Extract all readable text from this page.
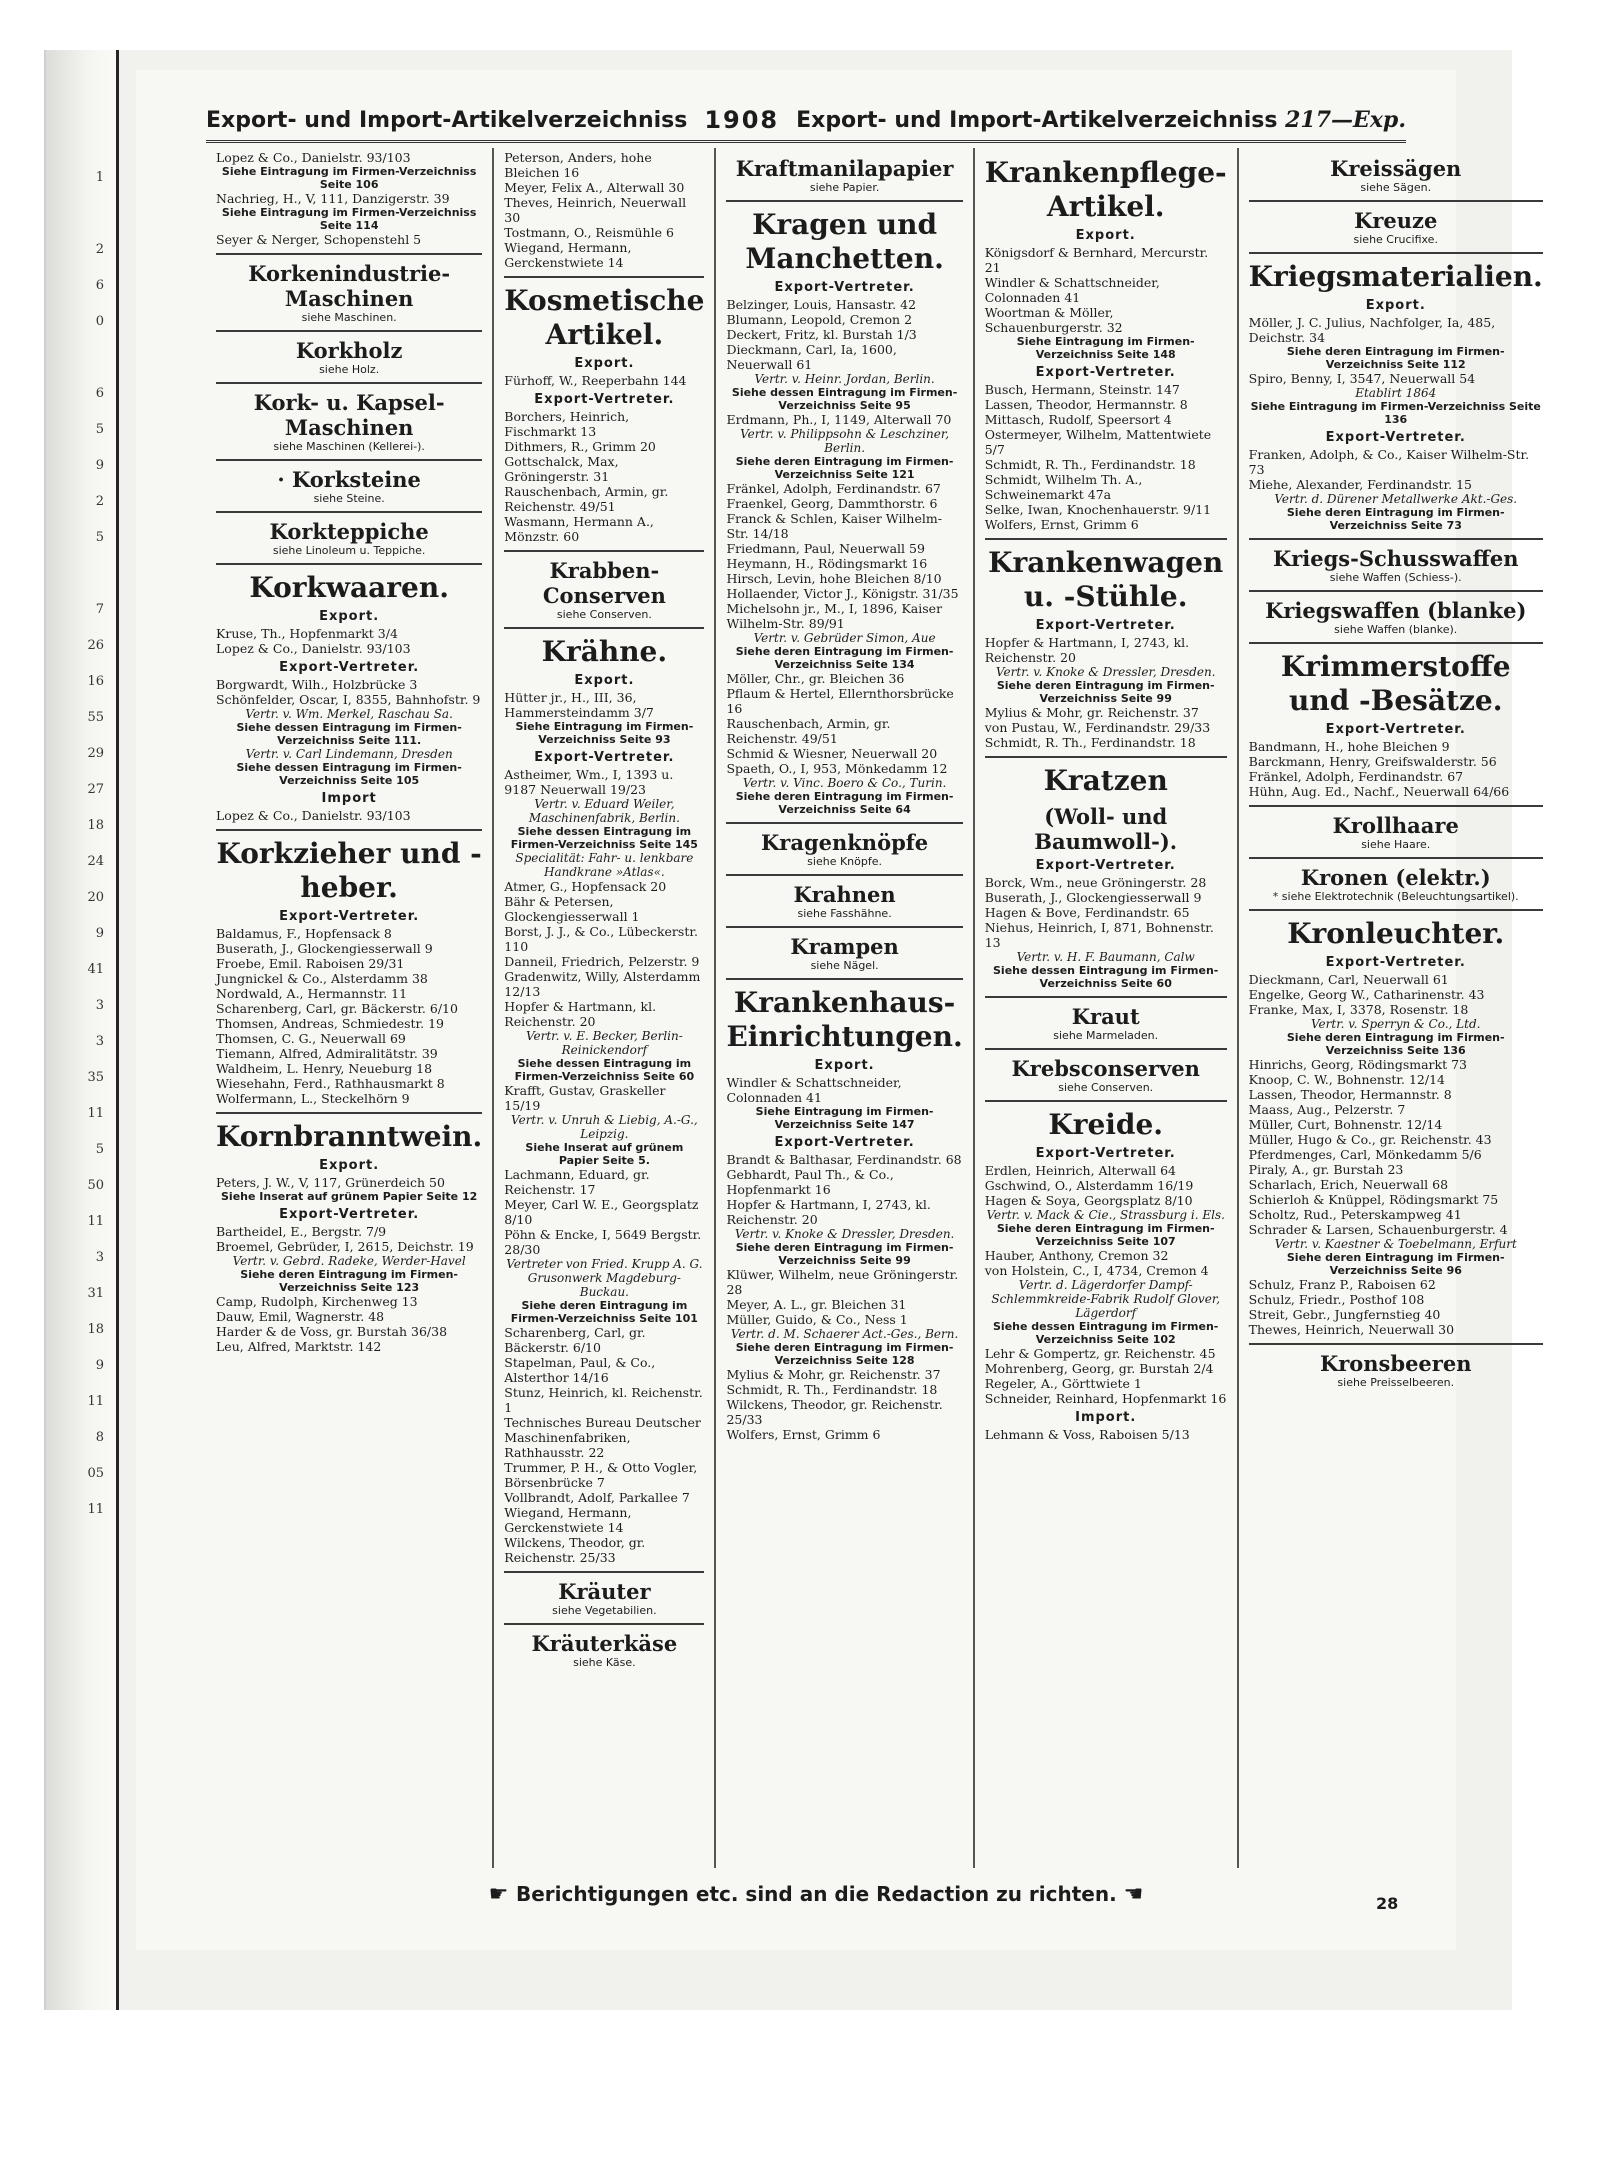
1
2
6
0
6
5
9
2
5
7
26
16
55
29
27
18
24
20
9
41
3
3
35
11
5
50
11
3
31
18
9
11
8
05
11
Export- und Import-Artikelverzeichniss 1908 Export- und Import-Artikelverzeichniss 217—Exp.
Lopez & Co., Danielstr. 93/103
Siehe Eintragung im Firmen-Verzeichniss Seite 106
Nachrieg, H., V, 111, Danzigerstr. 39
Siehe Eintragung im Firmen-Verzeichniss Seite 114
Seyer & Nerger, Schopenstehl 5
Korkenindustrie-Maschinen
siehe Maschinen.
Korkholz
siehe Holz.
Kork- u. Kapsel-Maschinen
siehe Maschinen (Kellerei-).
· Korksteine
siehe Steine.
Korkteppiche
siehe Linoleum u. Teppiche.
Korkwaaren.
Export.
Kruse, Th., Hopfenmarkt 3/4
Lopez & Co., Danielstr. 93/103
Export-Vertreter.
Borgwardt, Wilh., Holzbrücke 3
Schönfelder, Oscar, I, 8355, Bahnhofstr. 9
Vertr. v. Wm. Merkel, Raschau Sa.
Siehe dessen Eintragung im Firmen-Verzeichniss Seite 111.
Vertr. v. Carl Lindemann, Dresden
Siehe dessen Eintragung im Firmen-Verzeichniss Seite 105
Import
Lopez & Co., Danielstr. 93/103
Korkzieher und -heber.
Export-Vertreter.
Baldamus, F., Hopfensack 8
Buserath, J., Glockengiesserwall 9
Froebe, Emil. Raboisen 29/31
Jungnickel & Co., Alsterdamm 38
Nordwald, A., Hermannstr. 11
Scharenberg, Carl, gr. Bäckerstr. 6/10
Thomsen, Andreas, Schmiedestr. 19
Thomsen, C. G., Neuerwall 69
Tiemann, Alfred, Admiralitätstr. 39
Waldheim, L. Henry, Neueburg 18
Wiesehahn, Ferd., Rathhausmarkt 8
Wolfermann, L., Steckelhörn 9
Kornbranntwein.
Export.
Peters, J. W., V, 117, Grünerdeich 50
Siehe Inserat auf grünem Papier Seite 12
Export-Vertreter.
Bartheidel, E., Bergstr. 7/9
Broemel, Gebrüder, I, 2615, Deichstr. 19
Vertr. v. Gebrd. Radeke, Werder-Havel
Siehe deren Eintragung im Firmen-Verzeichniss Seite 123
Camp, Rudolph, Kirchenweg 13
Dauw, Emil, Wagnerstr. 48
Harder & de Voss, gr. Burstah 36/38
Leu, Alfred, Marktstr. 142
Peterson, Anders, hohe Bleichen 16
Meyer, Felix A., Alterwall 30
Theves, Heinrich, Neuerwall 30
Tostmann, O., Reismühle 6
Wiegand, Hermann, Gerckenstwiete 14
Kosmetische Artikel.
Export.
Fürhoff, W., Reeperbahn 144
Export-Vertreter.
Borchers, Heinrich, Fischmarkt 13
Dithmers, R., Grimm 20
Gottschalck, Max, Gröningerstr. 31
Rauschenbach, Armin, gr. Reichenstr. 49/51
Wasmann, Hermann A., Mönzstr. 60
Krabben-Conserven
siehe Conserven.
Krähne.
Export.
Hütter jr., H., III, 36, Hammersteindamm 3/7
Siehe Eintragung im Firmen-Verzeichniss Seite 93
Export-Vertreter.
Astheimer, Wm., I, 1393 u. 9187 Neuerwall 19/23
Vertr. v. Eduard Weiler, Maschinenfabrik, Berlin.
Siehe dessen Eintragung im Firmen-Verzeichniss Seite 145
Specialität: Fahr- u. lenkbare Handkrane »Atlas«.
Atmer, G., Hopfensack 20
Bähr & Petersen, Glockengiesserwall 1
Borst, J. J., & Co., Lübeckerstr. 110
Danneil, Friedrich, Pelzerstr. 9
Gradenwitz, Willy, Alsterdamm 12/13
Hopfer & Hartmann, kl. Reichenstr. 20
Vertr. v. E. Becker, Berlin-Reinickendorf
Siehe dessen Eintragung im Firmen-Verzeichniss Seite 60
Krafft, Gustav, Graskeller 15/19
Vertr. v. Unruh & Liebig, A.-G., Leipzig.
Siehe Inserat auf grünem Papier Seite 5.
Lachmann, Eduard, gr. Reichenstr. 17
Meyer, Carl W. E., Georgsplatz 8/10
Pöhn & Encke, I, 5649 Bergstr. 28/30
Vertreter von Fried. Krupp A. G. Grusonwerk Magdeburg-Buckau.
Siehe deren Eintragung im Firmen-Verzeichniss Seite 101
Scharenberg, Carl, gr. Bäckerstr. 6/10
Stapelman, Paul, & Co., Alsterthor 14/16
Stunz, Heinrich, kl. Reichenstr. 1
Technisches Bureau Deutscher Maschinenfabriken, Rathhausstr. 22
Trummer, P. H., & Otto Vogler, Börsenbrücke 7
Vollbrandt, Adolf, Parkallee 7
Wiegand, Hermann, Gerckenstwiete 14
Wilckens, Theodor, gr. Reichenstr. 25/33
Kräuter
siehe Vegetabilien.
Kräuterkäse
siehe Käse.
Kraftmanilapapier
siehe Papier.
Kragen und Manchetten.
Export-Vertreter.
Belzinger, Louis, Hansastr. 42
Blumann, Leopold, Cremon 2
Deckert, Fritz, kl. Burstah 1/3
Dieckmann, Carl, Ia, 1600, Neuerwall 61
Vertr. v. Heinr. Jordan, Berlin.
Siehe dessen Eintragung im Firmen-Verzeichniss Seite 95
Erdmann, Ph., I, 1149, Alterwall 70
Vertr. v. Philippsohn & Leschziner, Berlin.
Siehe deren Eintragung im Firmen-Verzeichniss Seite 121
Fränkel, Adolph, Ferdinandstr. 67
Fraenkel, Georg, Dammthorstr. 6
Franck & Schlen, Kaiser Wilhelm-Str. 14/18
Friedmann, Paul, Neuerwall 59
Heymann, H., Rödingsmarkt 16
Hirsch, Levin, hohe Bleichen 8/10
Hollaender, Victor J., Königstr. 31/35
Michelsohn jr., M., I, 1896, Kaiser Wilhelm-Str. 89/91
Vertr. v. Gebrüder Simon, Aue
Siehe deren Eintragung im Firmen-Verzeichniss Seite 134
Möller, Chr., gr. Bleichen 36
Pflaum & Hertel, Ellernthorsbrücke 16
Rauschenbach, Armin, gr. Reichenstr. 49/51
Schmid & Wiesner, Neuerwall 20
Spaeth, O., I, 953, Mönkedamm 12
Vertr. v. Vinc. Boero & Co., Turin.
Siehe deren Eintragung im Firmen-Verzeichniss Seite 64
Kragenknöpfe
siehe Knöpfe.
Krahnen
siehe Fasshähne.
Krampen
siehe Nägel.
Krankenhaus-Einrichtungen.
Export.
Windler & Schattschneider, Colonnaden 41
Siehe Eintragung im Firmen-Verzeichniss Seite 147
Export-Vertreter.
Brandt & Balthasar, Ferdinandstr. 68
Gebhardt, Paul Th., & Co., Hopfenmarkt 16
Hopfer & Hartmann, I, 2743, kl. Reichenstr. 20
Vertr. v. Knoke & Dressler, Dresden.
Siehe deren Eintragung im Firmen-Verzeichniss Seite 99
Klüwer, Wilhelm, neue Gröningerstr. 28
Meyer, A. L., gr. Bleichen 31
Müller, Guido, & Co., Ness 1
Vertr. d. M. Schaerer Act.-Ges., Bern.
Siehe deren Eintragung im Firmen-Verzeichniss Seite 128
Mylius & Mohr, gr. Reichenstr. 37
Schmidt, R. Th., Ferdinandstr. 18
Wilckens, Theodor, gr. Reichenstr. 25/33
Wolfers, Ernst, Grimm 6
Krankenpflege-Artikel.
Export.
Königsdorf & Bernhard, Mercurstr. 21
Windler & Schattschneider, Colonnaden 41
Woortman & Möller, Schauenburgerstr. 32
Siehe Eintragung im Firmen-Verzeichniss Seite 148
Export-Vertreter.
Busch, Hermann, Steinstr. 147
Lassen, Theodor, Hermannstr. 8
Mittasch, Rudolf, Speersort 4
Ostermeyer, Wilhelm, Mattentwiete 5/7
Schmidt, R. Th., Ferdinandstr. 18
Schmidt, Wilhelm Th. A., Schweinemarkt 47a
Selke, Iwan, Knochenhauerstr. 9/11
Wolfers, Ernst, Grimm 6
Krankenwagen u. -Stühle.
Export-Vertreter.
Hopfer & Hartmann, I, 2743, kl. Reichenstr. 20
Vertr. v. Knoke & Dressler, Dresden.
Siehe deren Eintragung im Firmen-Verzeichniss Seite 99
Mylius & Mohr, gr. Reichenstr. 37
von Pustau, W., Ferdinandstr. 29/33
Schmidt, R. Th., Ferdinandstr. 18
Kratzen
(Woll- und Baumwoll-).
Export-Vertreter.
Borck, Wm., neue Gröningerstr. 28
Buserath, J., Glockengiesserwall 9
Hagen & Bove, Ferdinandstr. 65
Niehus, Heinrich, I, 871, Bohnenstr. 13
Vertr. v. H. F. Baumann, Calw
Siehe dessen Eintragung im Firmen-Verzeichniss Seite 60
Kraut
siehe Marmeladen.
Krebsconserven
siehe Conserven.
Kreide.
Export-Vertreter.
Erdlen, Heinrich, Alterwall 64
Gschwind, O., Alsterdamm 16/19
Hagen & Soya, Georgsplatz 8/10
Vertr. v. Mack & Cie., Strassburg i. Els.
Siehe deren Eintragung im Firmen-Verzeichniss Seite 107
Hauber, Anthony, Cremon 32
von Holstein, C., I, 4734, Cremon 4
Vertr. d. Lägerdorfer Dampf-Schlemmkreide-Fabrik Rudolf Glover, Lägerdorf
Siehe dessen Eintragung im Firmen-Verzeichniss Seite 102
Lehr & Gompertz, gr. Reichenstr. 45
Mohrenberg, Georg, gr. Burstah 2/4
Regeler, A., Görttwiete 1
Schneider, Reinhard, Hopfenmarkt 16
Import.
Lehmann & Voss, Raboisen 5/13
Kreissägen
siehe Sägen.
Kreuze
siehe Crucifixe.
Kriegsmaterialien.
Export.
Möller, J. C. Julius, Nachfolger, Ia, 485, Deichstr. 34
Siehe deren Eintragung im Firmen-Verzeichniss Seite 112
Spiro, Benny, I, 3547, Neuerwall 54
Etablirt 1864
Siehe Eintragung im Firmen-Verzeichniss Seite 136
Export-Vertreter.
Franken, Adolph, & Co., Kaiser Wilhelm-Str. 73
Miehe, Alexander, Ferdinandstr. 15
Vertr. d. Dürener Metallwerke Akt.-Ges.
Siehe deren Eintragung im Firmen-Verzeichniss Seite 73
Kriegs-Schusswaffen
siehe Waffen (Schiess-).
Kriegswaffen (blanke)
siehe Waffen (blanke).
Krimmerstoffe und -Besätze.
Export-Vertreter.
Bandmann, H., hohe Bleichen 9
Barckmann, Henry, Greifswalderstr. 56
Fränkel, Adolph, Ferdinandstr. 67
Hühn, Aug. Ed., Nachf., Neuerwall 64/66
Krollhaare
siehe Haare.
Kronen (elektr.)
* siehe Elektrotechnik (Beleuchtungsartikel).
Kronleuchter.
Export-Vertreter.
Dieckmann, Carl, Neuerwall 61
Engelke, Georg W., Catharinenstr. 43
Franke, Max, I, 3378, Rosenstr. 18
Vertr. v. Sperryn & Co., Ltd.
Siehe deren Eintragung im Firmen-Verzeichniss Seite 136
Hinrichs, Georg, Rödingsmarkt 73
Knoop, C. W., Bohnenstr. 12/14
Lassen, Theodor, Hermannstr. 8
Maass, Aug., Pelzerstr. 7
Müller, Curt, Bohnenstr. 12/14
Müller, Hugo & Co., gr. Reichenstr. 43
Pferdmenges, Carl, Mönkedamm 5/6
Piraly, A., gr. Burstah 23
Scharlach, Erich, Neuerwall 68
Schierloh & Knüppel, Rödingsmarkt 75
Scholtz, Rud., Peterskampweg 41
Schrader & Larsen, Schauenburgerstr. 4
Vertr. v. Kaestner & Toebelmann, Erfurt
Siehe deren Eintragung im Firmen-Verzeichniss Seite 96
Schulz, Franz P., Raboisen 62
Schulz, Friedr., Posthof 108
Streit, Gebr., Jungfernstieg 40
Thewes, Heinrich, Neuerwall 30
Kronsbeeren
siehe Preisselbeeren.
☛ Berichtigungen etc. sind an die Redaction zu richten. ☚	28
